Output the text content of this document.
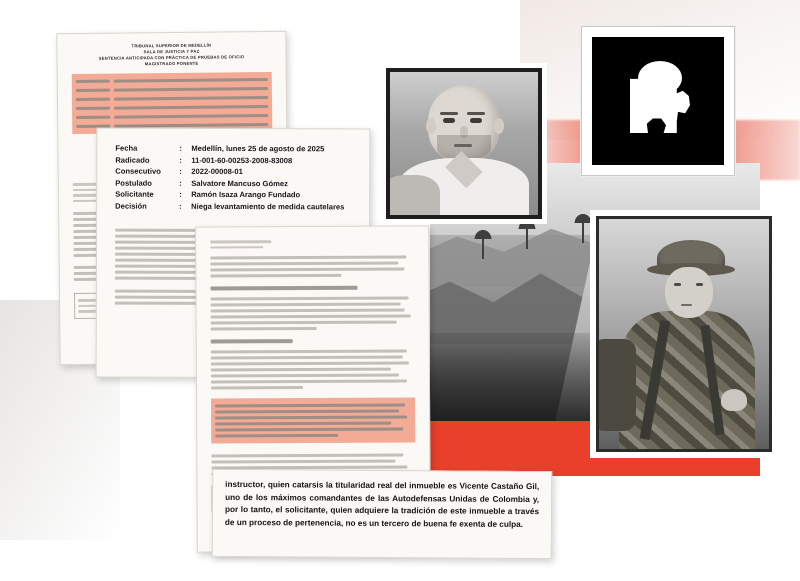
TRIBUNAL SUPERIOR DE MEDELLÍN
SALA DE JUSTICIA Y PAZ
SENTENCIA ANTICIPADA CON PRÁCTICA DE PRUEBAS DE OFICIO
MAGISTRADO PONENTE
Fecha	:	Medellín, lunes 25 de agosto de 2025
Radicado	:	11-001-60-00253-2008-83008
Consecutivo	:	2022-00008-01
Postulado	:	Salvatore Mancuso Gómez
Solicitante	:	Ramón Isaza Arango Fundado
Decisión	:	Niega levantamiento de medida cautelares
instructor, quien catarsis la titularidad real del inmueble es Vicente Castaño Gil, uno de los máximos comandantes de las Autodefensas Unidas de Colombia y, por lo tanto, el solicitante, quien adquiere la tradición de este inmueble a través de un proceso de pertenencia, no es un tercero de buena fe exenta de culpa.
